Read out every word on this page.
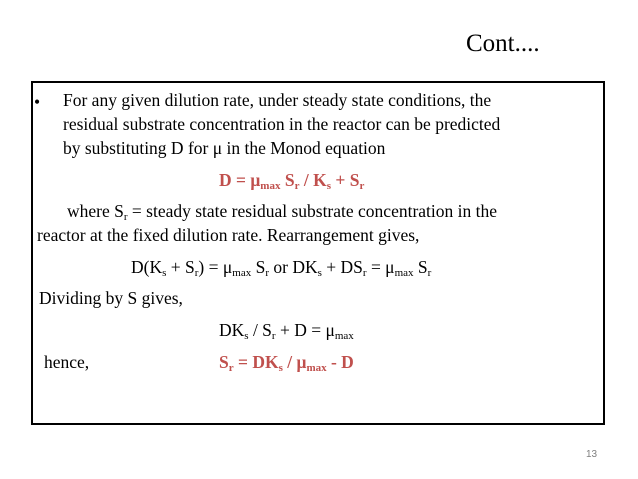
Cont....
• For any given dilution rate, under steady state conditions, the
residual substrate concentration in the reactor can be predicted
by substituting D for μ in the Monod equation
$D = \mu_{max}$ $S_r / K_s + S_r$
where $S_r$ = steady state residual substrate concentration in the
reactor at the fixed dilution rate. Rearrangement gives,
$D(K_s + S_r) = \mu_{max}$ $S_r$ or $DK_s + DS_r = \mu_{max}$ $S_r$
Dividing by S gives,
$DK_s / S_r + D = \mu_{max}$
hence,	$S_r = DK_s / \mu_{max} - D$
13
